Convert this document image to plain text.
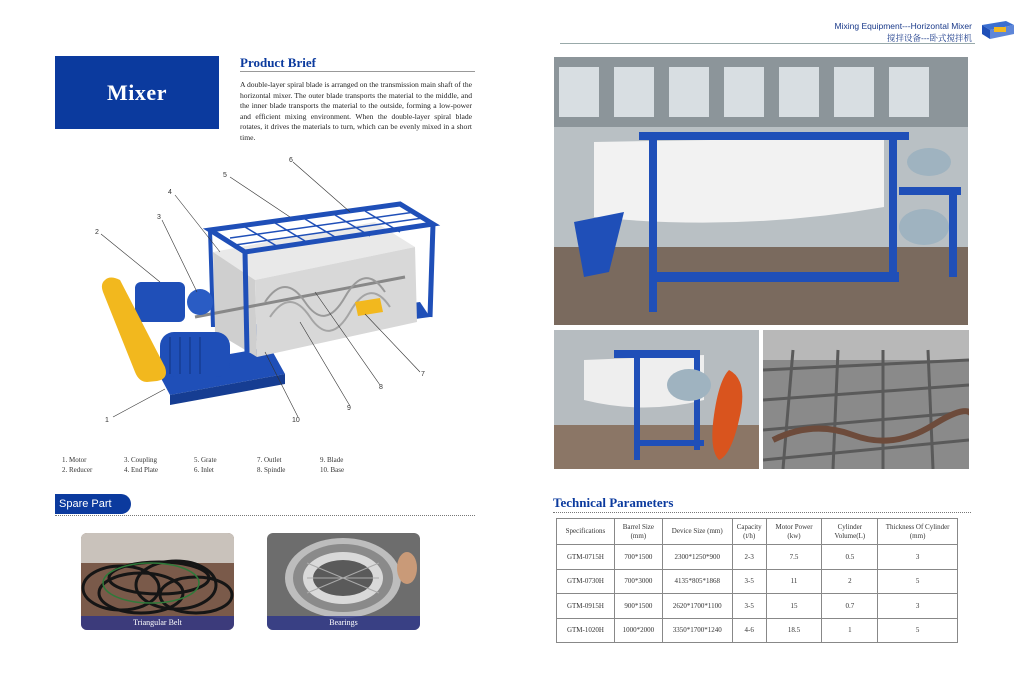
Mixing Equipment---Horizontal Mixer
搅拌设备---卧式搅拌机
Mixer
Product Brief
A double-layer spiral blade is arranged on the transmission main shaft of the horizontal mixer. The outer blade transports the material to the middle, and the inner blade transports the material to the outside, forming a low-power and efficient mixing environment. When the double-layer spiral blade rotates, it drives the materials to turn, which can be evenly mixed in a short time.
1
2
3
4
5
6
7
8
9
10
1. Motor
2. Reducer
3. Coupling
4. End Plate
5. Grate
6. Inlet
7. Outlet
8. Spindle
9. Blade
10. Base
Spare Part
Triangular Belt	Bearings
Technical Parameters
Specifications	Barrel Size (mm)	Device Size (mm)	Capacity (t/h)	Motor Power (kw)	Cylinder Volume(L)	Thickness Of Cylinder (mm)
GTM-0715H	700*1500	2300*1250*900	2-3	7.5	0.5	3
GTM-0730H	700*3000	4135*805*1868	3-5	11	2	5
GTM-0915H	900*1500	2620*1700*1100	3-5	15	0.7	3
GTM-1020H	1000*2000	3350*1700*1240	4-6	18.5	1	5
